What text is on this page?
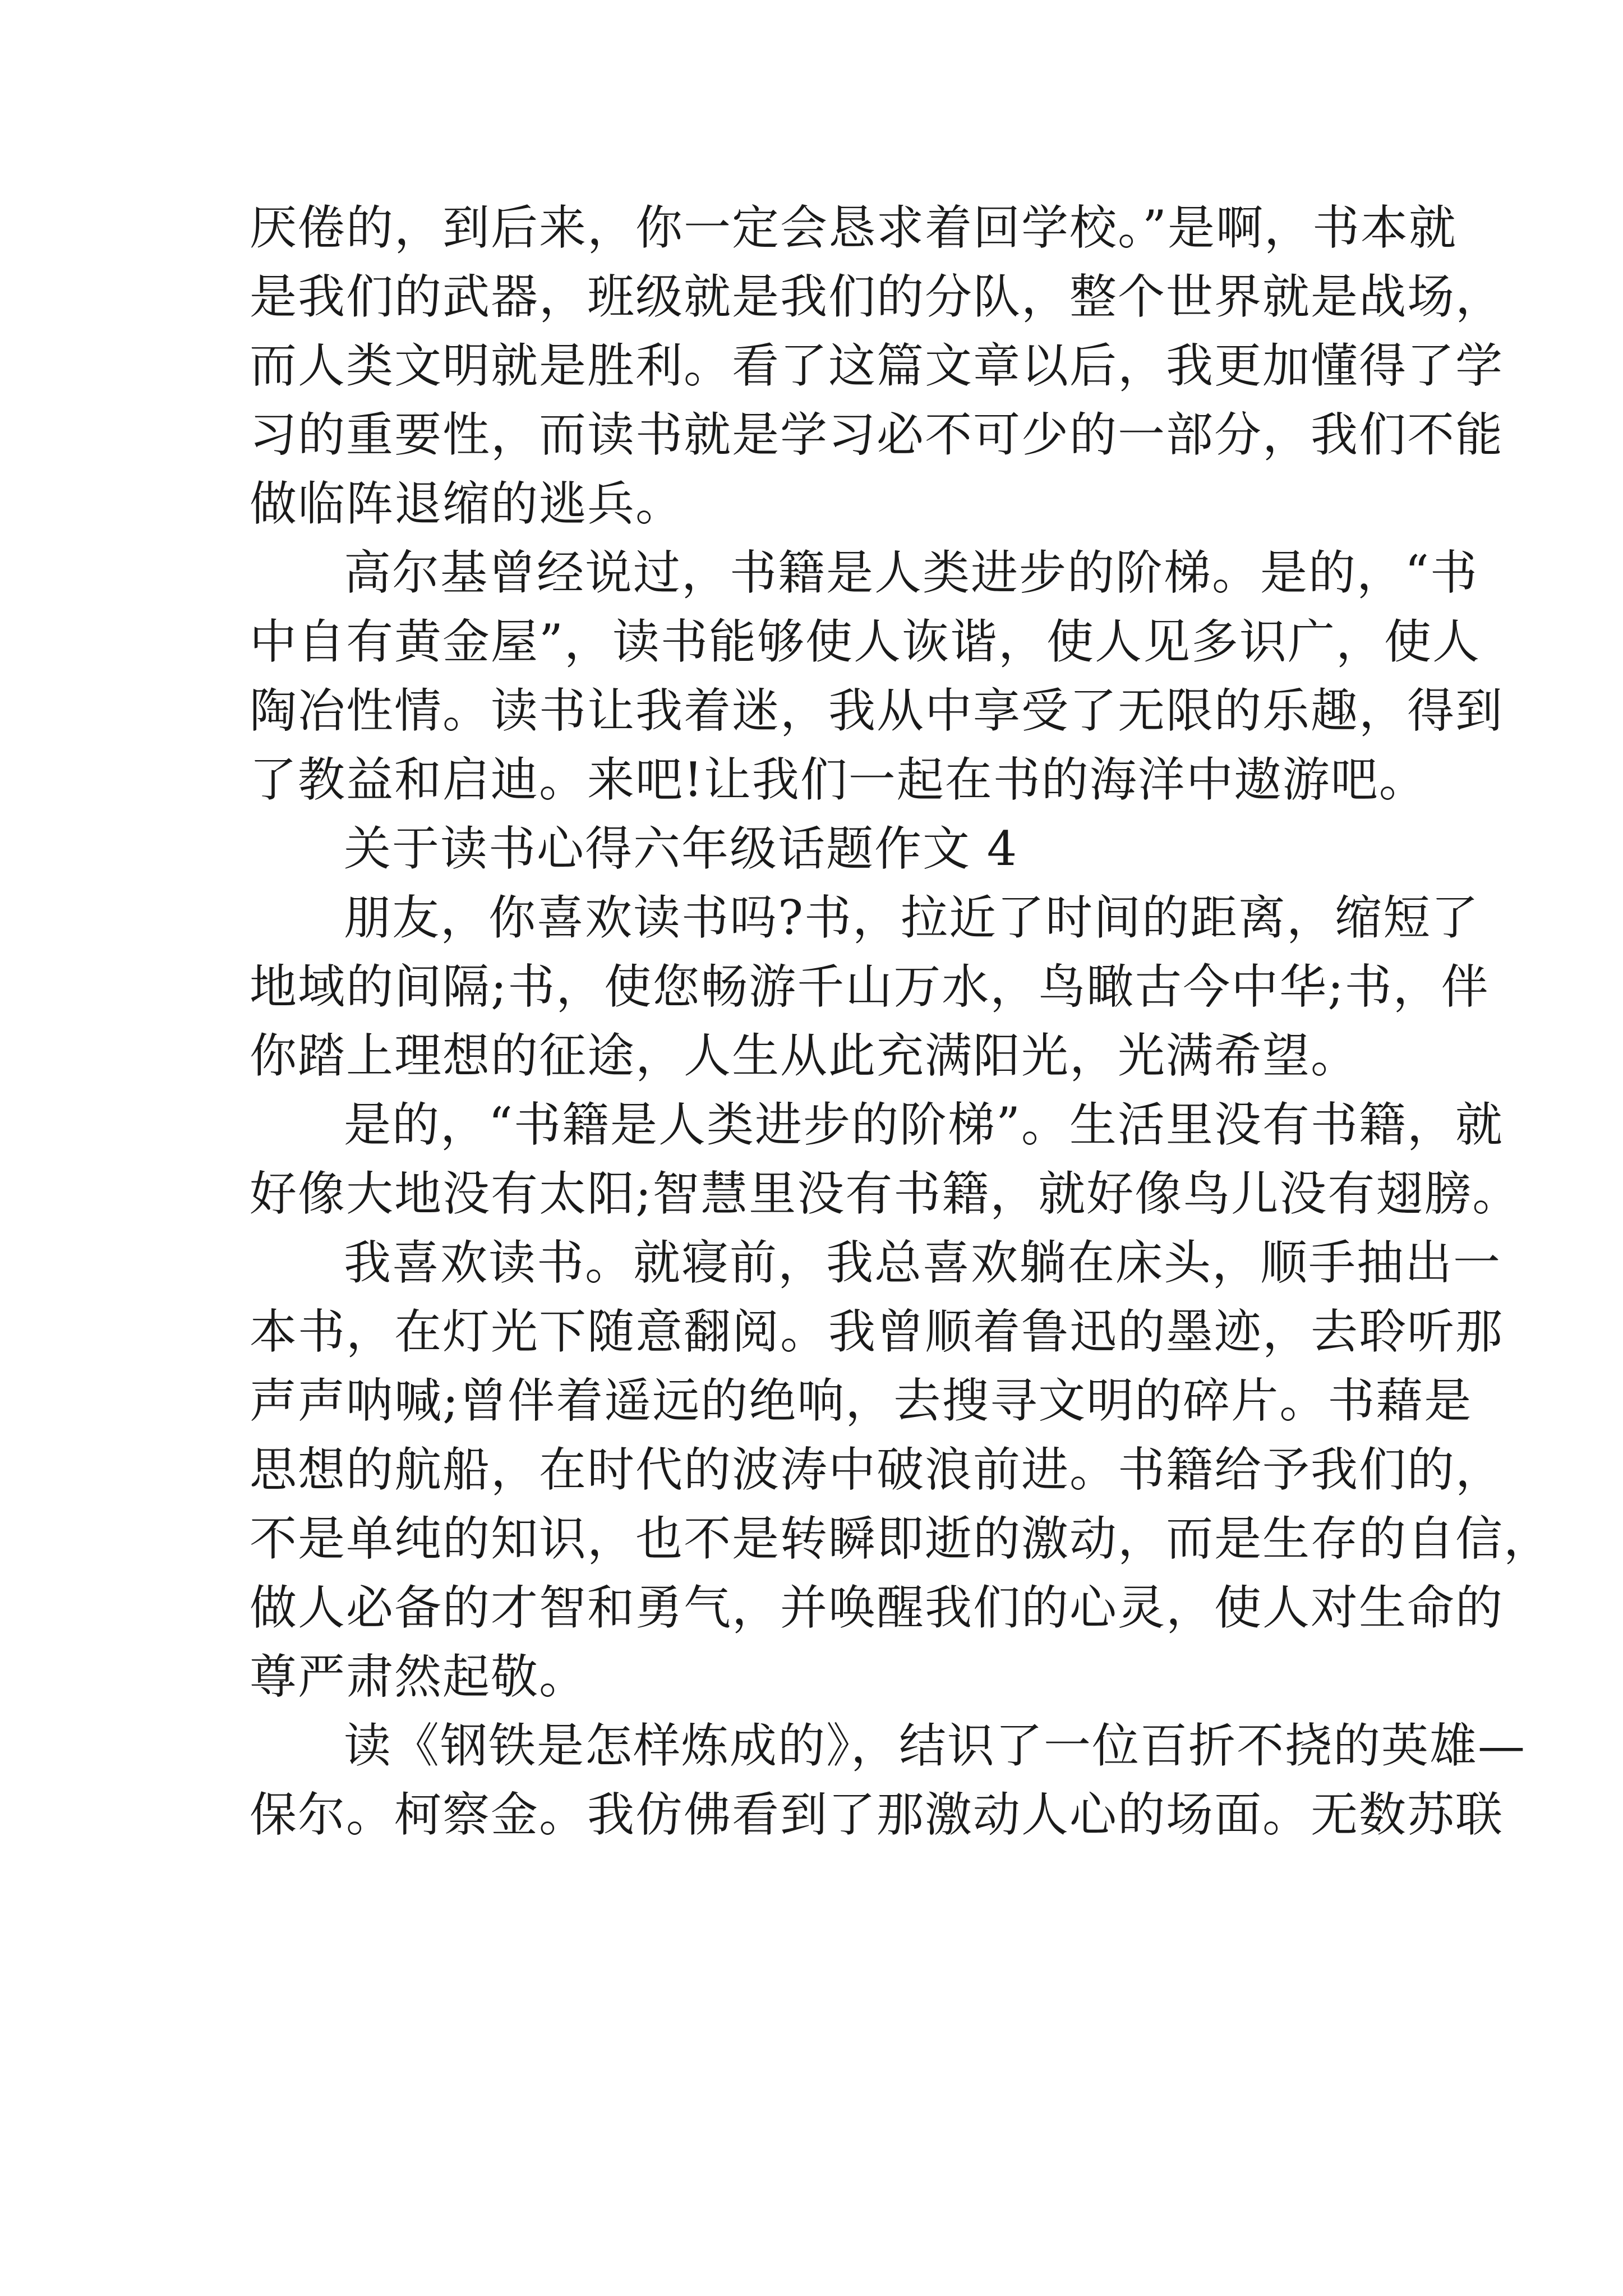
厌倦的，到后来，你一定会恳求着回学校。”是啊，书本就
是我们的武器，班级就是我们的分队，整个世界就是战场，
而人类文明就是胜利。看了这篇文章以后，我更加懂得了学
习的重要性，而读书就是学习必不可少的一部分，我们不能
做临阵退缩的逃兵。
高尔基曾经说过，书籍是人类进步的阶梯。是的，“书
中自有黄金屋”，读书能够使人诙谐，使人见多识广，使人
陶冶性情。读书让我着迷，我从中享受了无限的乐趣，得到
了教益和启迪。来吧!让我们一起在书的海洋中遨游吧。
关于读书心得六年级话题作文 4
朋友，你喜欢读书吗?书，拉近了时间的距离，缩短了
地域的间隔;书，使您畅游千山万水，鸟瞰古今中华;书，伴
你踏上理想的征途，人生从此充满阳光，光满希望。
是的，“书籍是人类进步的阶梯”。生活里没有书籍，就
好像大地没有太阳;智慧里没有书籍，就好像鸟儿没有翅膀。
我喜欢读书。就寝前，我总喜欢躺在床头，顺手抽出一
本书，在灯光下随意翻阅。我曾顺着鲁迅的墨迹，去聆听那
声声呐喊;曾伴着遥远的绝响，去搜寻文明的碎片。书藉是
思想的航船，在时代的波涛中破浪前进。书籍给予我们的，
不是单纯的知识，也不是转瞬即逝的激动，而是生存的自信，
做人必备的才智和勇气，并唤醒我们的心灵，使人对生命的
尊严肃然起敬。
读《钢铁是怎样炼成的》，结识了一位百折不挠的英雄—
保尔。柯察金。我仿佛看到了那激动人心的场面。无数苏联
